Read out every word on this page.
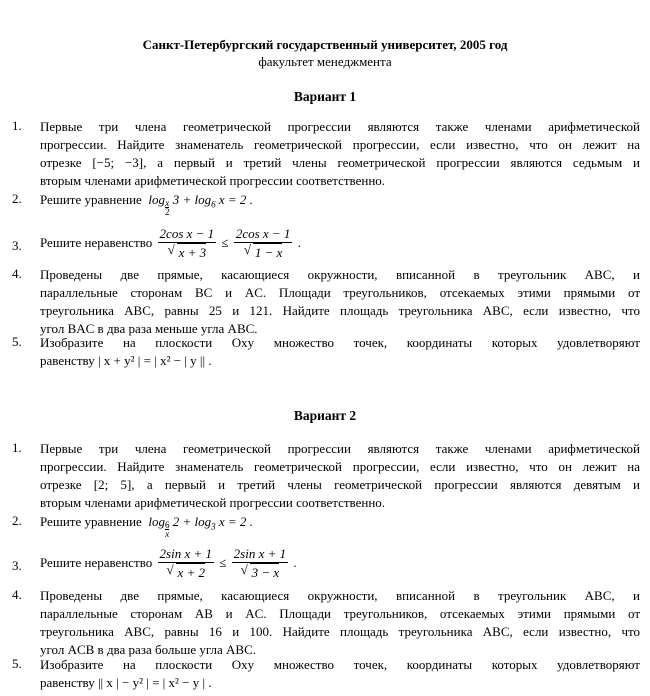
Санкт-Петербургский государственный университет, 2005 год
факультет менеджмента
Вариант 1
1. Первые три члена геометрической прогрессии являются также членами арифметической
прогрессии. Найдите знаменатель геометрической прогрессии, если известно, что он лежит на
отрезке [−5; −3], а первый и третий члены геометрической прогрессии являются седьмым и
вторым членами арифметической прогрессии соответственно.
2. Решите уравнение  $\log_{\frac{x}{2}} 3 + \log_6 x = 2$ .
3. Решите неравенство 2cos x − 1
√ x + 3 ≤ 2cos x − 1
√ 1 − x .
4. Проведены две прямые, касающиеся окружности, вписанной в треугольник ABC, и
параллельные сторонам BC и AC. Площади треугольников, отсекаемых этими прямыми от
треугольника ABC, равны 25 и 121. Найдите площадь треугольника ABC, если известно, что
угол BAC в два раза меньше угла ABC.
5. Изобразите на плоскости Oxy множество точек, координаты которых удовлетворяют
равенству | x + y² | = | x² − | y || .
Вариант 2
1. Первые три члена геометрической прогрессии являются также членами арифметической
прогрессии. Найдите знаменатель геометрической прогрессии, если известно, что он лежит на
отрезке [2; 5], а первый и третий члены геометрической прогрессии являются девятым и
вторым членами арифметической прогрессии соответственно.
2. Решите уравнение  $\log_{\frac{6}{x}} 2 + \log_3 x = 2$ .
3. Решите неравенство 2sin x + 1
√ x + 2 ≤ 2sin x + 1
√ 3 − x .
4. Проведены две прямые, касающиеся окружности, вписанной в треугольник ABC, и
параллельные сторонам AB и AC. Площади треугольников, отсекаемых этими прямыми от
треугольника ABC, равны 16 и 100. Найдите площадь треугольника ABC, если известно, что
угол ACB в два раза больше угла ABC.
5. Изобразите на плоскости Oxy множество точек, координаты которых удовлетворяют
равенству || x | − y² | = | x² − y | .
